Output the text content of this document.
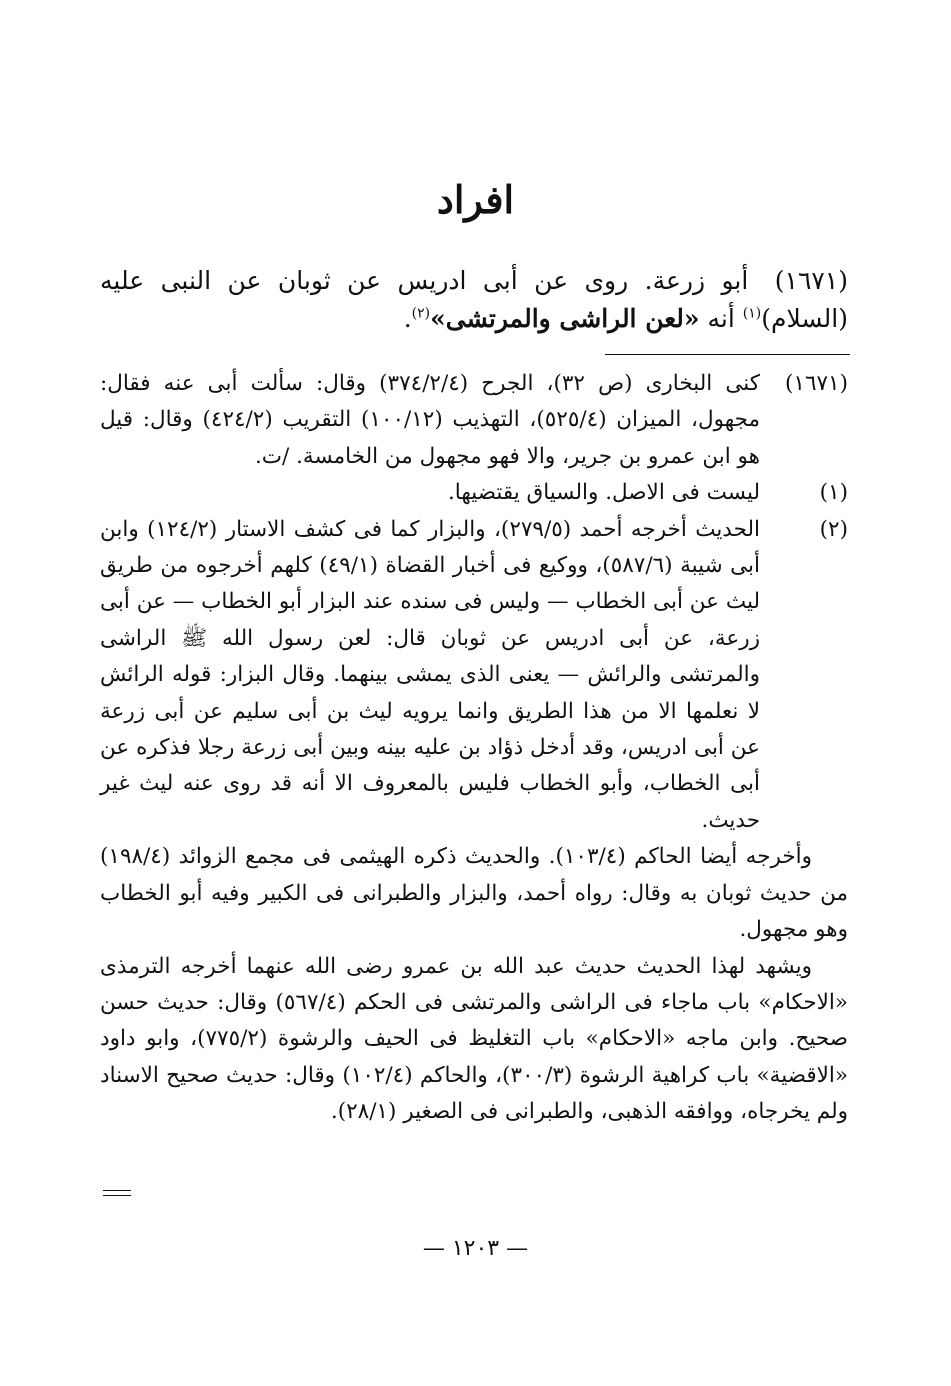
افراد
(١٦٧١) أبو زرعة. روى عن أبى ادريس عن ثوبان عن النبى عليه (السلام)$^{(١)}$ أنه «لعن الراشى والمرتشى»$^{(٢)}$.
(١٦٧١)
كنى البخارى (ص ٣٢)، الجرح (٣٧٤/٢/٤) وقال: سألت أبى عنه فقال: مجهول، الميزان (٥٢٥/٤)، التهذيب (١٠٠/١٢) التقريب (٤٢٤/٢) وقال: قيل هو ابن عمرو بن جرير، والا فهو مجهول من الخامسة. /ت.
(١)
ليست فى الاصل. والسياق يقتضيها.
(٢)
الحديث أخرجه أحمد (٢٧٩/٥)، والبزار كما فى كشف الاستار (١٢٤/٢) وابن أبى شيبة (٥٨٧/٦)، ووكيع فى أخبار القضاة (٤٩/١) كلهم أخرجوه من طريق ليث عن أبى الخطاب — وليس فى سنده عند البزار أبو الخطاب — عن أبى زرعة، عن أبى ادريس عن ثوبان قال: لعن رسول الله ﷺ الراشى والمرتشى والرائش — يعنى الذى يمشى بينهما. وقال البزار: قوله الرائش لا نعلمها الا من هذا الطريق وانما يرويه ليث بن أبى سليم عن أبى زرعة عن أبى ادريس، وقد أدخل ذؤاد بن عليه بينه وبين أبى زرعة رجلا فذكره عن أبى الخطاب، وأبو الخطاب فليس بالمعروف الا أنه قد روى عنه ليث غير حديث.
وأخرجه أيضا الحاكم (١٠٣/٤). والحديث ذكره الهيثمى فى مجمع الزوائد (١٩٨/٤) من حديث ثوبان به وقال: رواه أحمد، والبزار والطبرانى فى الكبير وفيه أبو الخطاب وهو مجهول.
ويشهد لهذا الحديث حديث عبد الله بن عمرو رضى الله عنهما أخرجه الترمذى «الاحكام» باب ماجاء فى الراشى والمرتشى فى الحكم (٥٦٧/٤) وقال: حديث حسن صحيح. وابن ماجه «الاحكام» باب التغليظ فى الحيف والرشوة (٧٧٥/٢)، وابو داود «الاقضية» باب كراهية الرشوة (٣٠٠/٣)، والحاكم (١٠٢/٤) وقال: حديث صحيح الاسناد ولم يخرجاه، ووافقه الذهبى، والطبرانى فى الصغير (٢٨/١).
— ١٢٠٣ —
